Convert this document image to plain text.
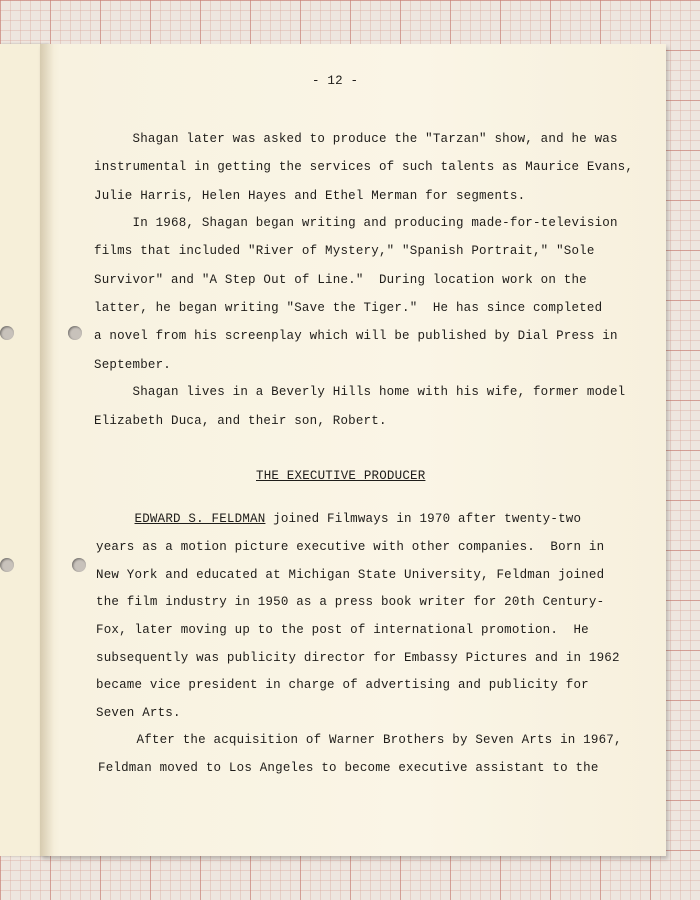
- 12 -
Shagan later was asked to produce the "Tarzan" show, and he was
instrumental in getting the services of such talents as Maurice Evans,
Julie Harris, Helen Hayes and Ethel Merman for segments.
In 1968, Shagan began writing and producing made-for-television
films that included "River of Mystery," "Spanish Portrait," "Sole
Survivor" and "A Step Out of Line."  During location work on the
latter, he began writing "Save the Tiger."  He has since completed
a novel from his screenplay which will be published by Dial Press in
September.
Shagan lives in a Beverly Hills home with his wife, former model
Elizabeth Duca, and their son, Robert.
THE EXECUTIVE PRODUCER
EDWARD S. FELDMAN joined Filmways in 1970 after twenty-two
years as a motion picture executive with other companies.  Born in
New York and educated at Michigan State University, Feldman joined
the film industry in 1950 as a press book writer for 20th Century-
Fox, later moving up to the post of international promotion.  He
subsequently was publicity director for Embassy Pictures and in 1962
became vice president in charge of advertising and publicity for
Seven Arts.
After the acquisition of Warner Brothers by Seven Arts in 1967,
Feldman moved to Los Angeles to become executive assistant to the
